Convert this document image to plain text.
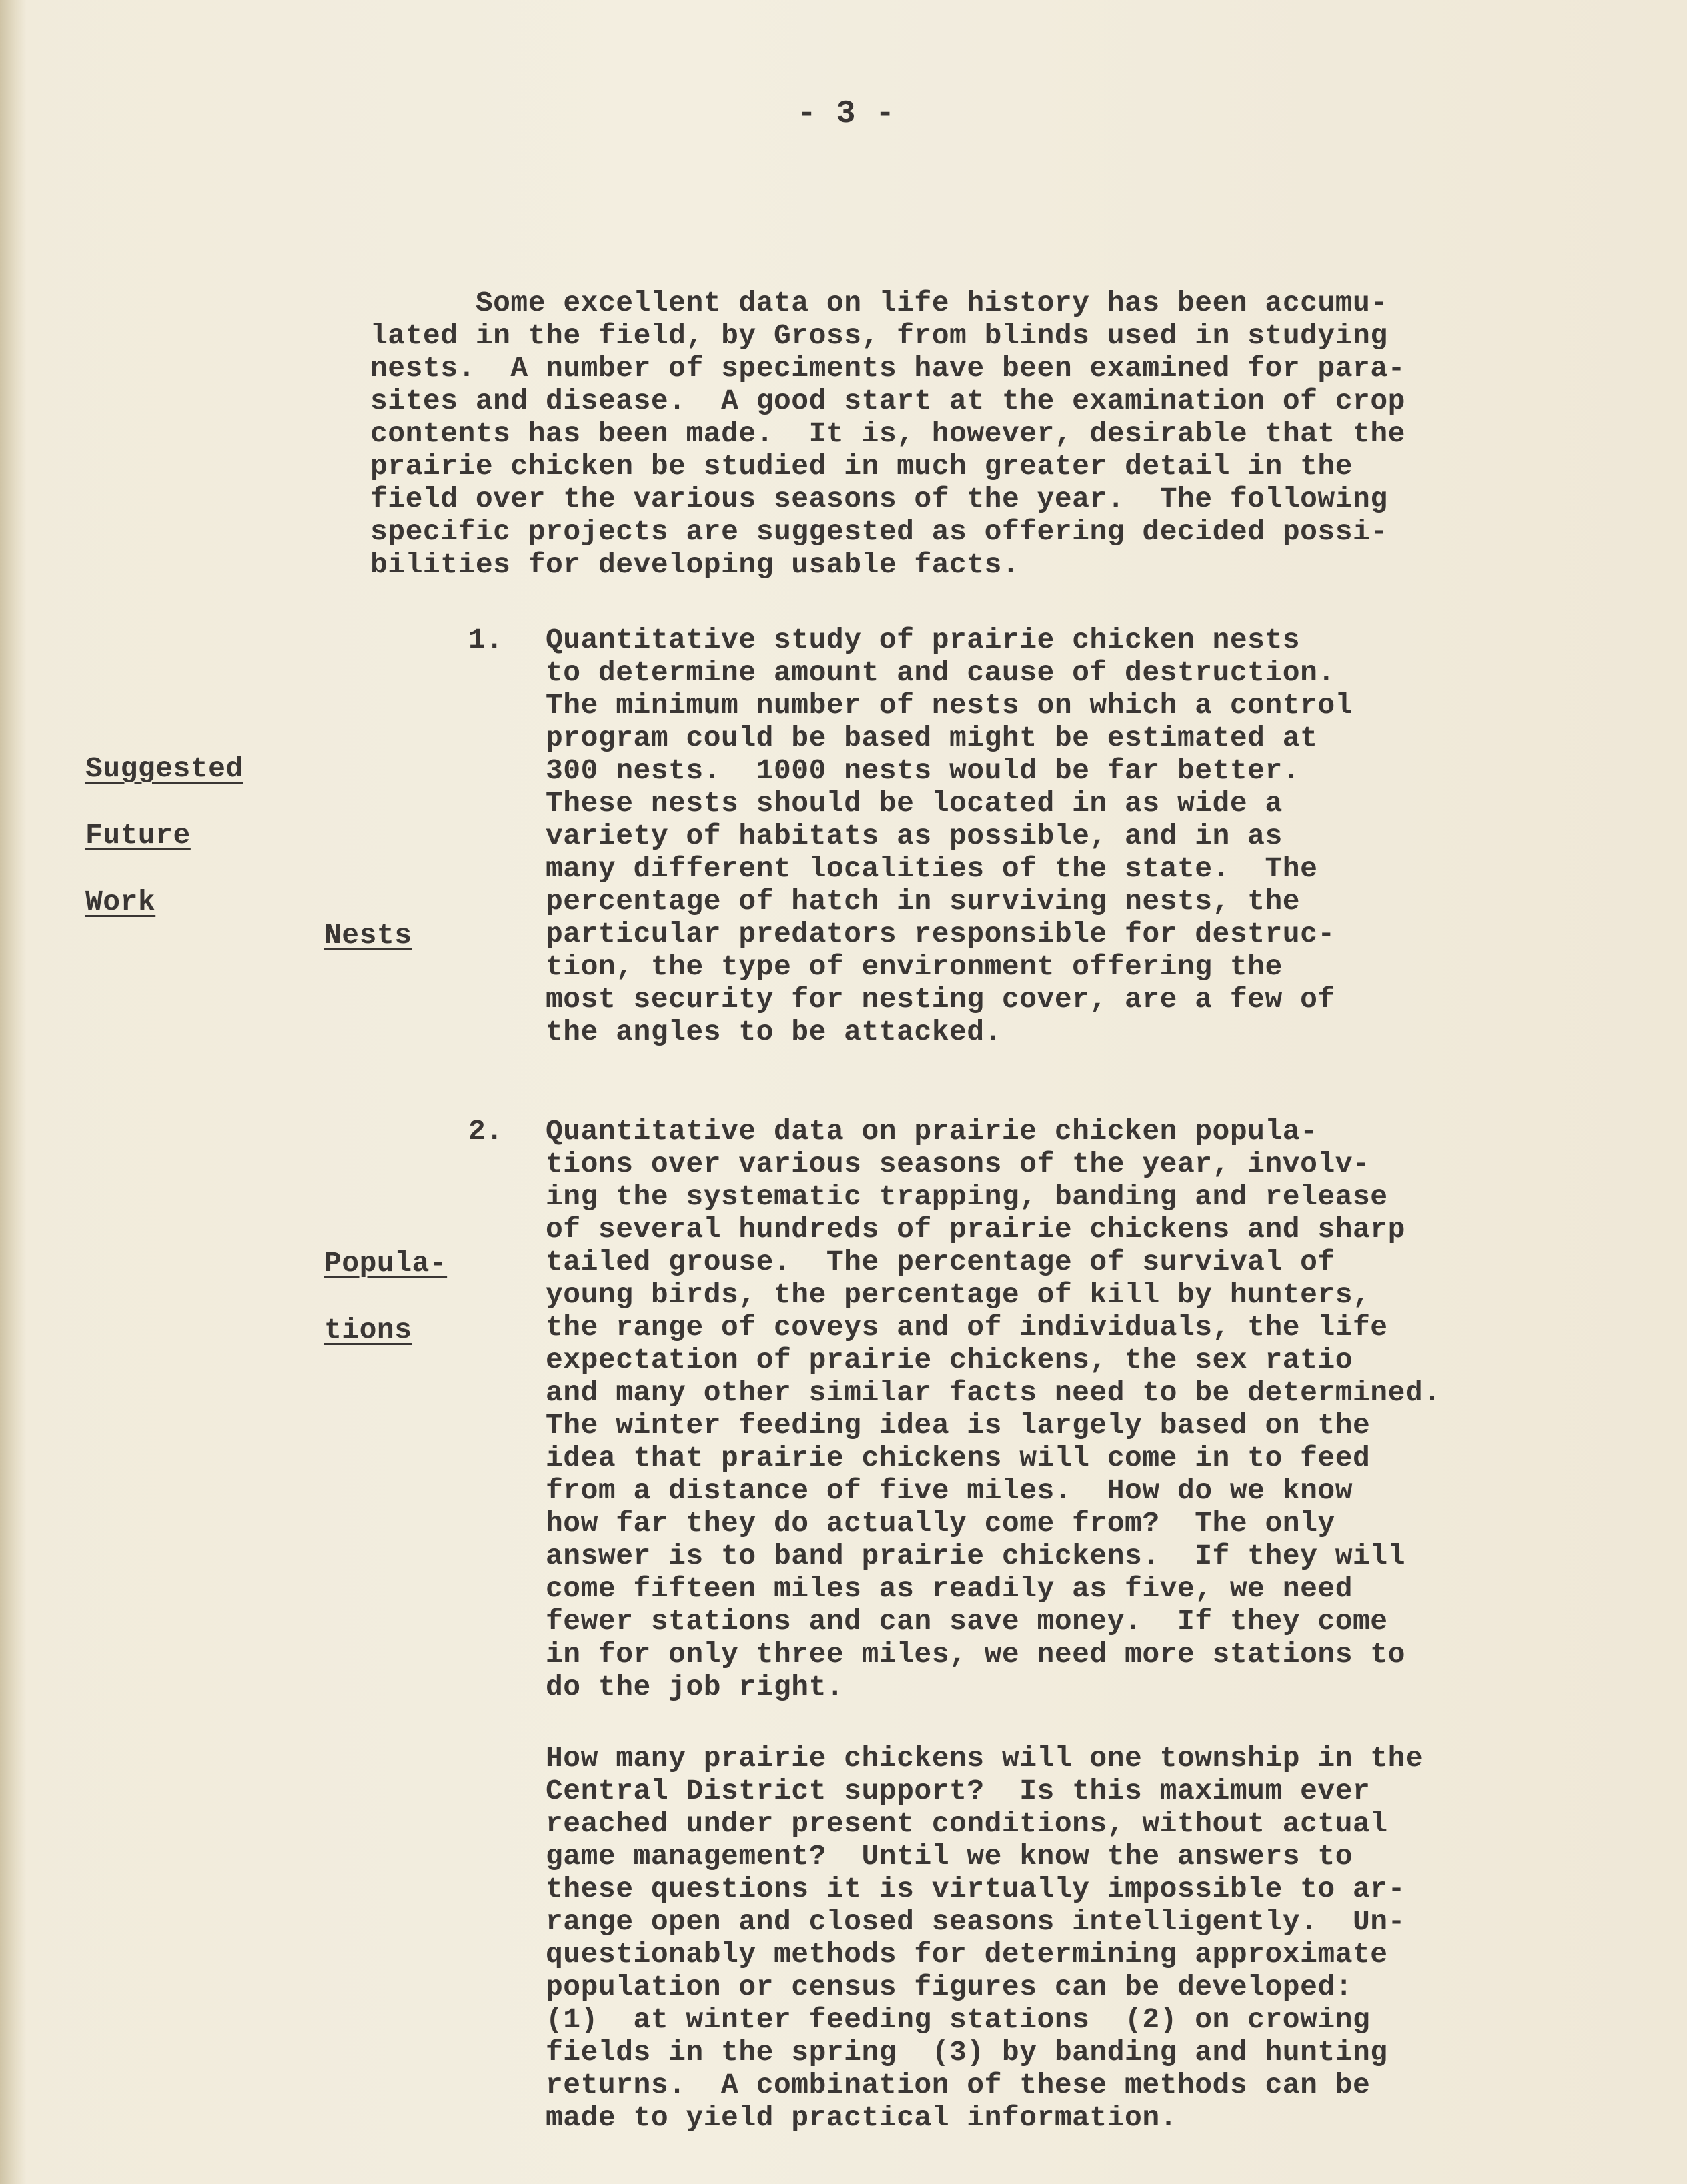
- 3 -
Some excellent data on life history has been accumu-
lated in the field, by Gross, from blinds used in studying
nests.  A number of speciments have been examined for para-
sites and disease.  A good start at the examination of crop
contents has been made.  It is, however, desirable that the
prairie chicken be studied in much greater detail in the
field over the various seasons of the year.  The following
specific projects are suggested as offering decided possi-
bilities for developing usable facts.
Suggested
Future
Work
Nests
Popula-
tions
1. Quantitative study of prairie chicken nests
to determine amount and cause of destruction.
The minimum number of nests on which a control
program could be based might be estimated at
300 nests.  1000 nests would be far better.
These nests should be located in as wide a
variety of habitats as possible, and in as
many different localities of the state.  The
percentage of hatch in surviving nests, the
particular predators responsible for destruc-
tion, the type of environment offering the
most security for nesting cover, are a few of
the angles to be attacked.
2. Quantitative data on prairie chicken popula-
tions over various seasons of the year, involv-
ing the systematic trapping, banding and release
of several hundreds of prairie chickens and sharp
tailed grouse.  The percentage of survival of
young birds, the percentage of kill by hunters,
the range of coveys and of individuals, the life
expectation of prairie chickens, the sex ratio
and many other similar facts need to be determined.
The winter feeding idea is largely based on the
idea that prairie chickens will come in to feed
from a distance of five miles.  How do we know
how far they do actually come from?  The only
answer is to band prairie chickens.  If they will
come fifteen miles as readily as five, we need
fewer stations and can save money.  If they come
in for only three miles, we need more stations to
do the job right.
How many prairie chickens will one township in the
Central District support?  Is this maximum ever
reached under present conditions, without actual
game management?  Until we know the answers to
these questions it is virtually impossible to ar-
range open and closed seasons intelligently.  Un-
questionably methods for determining approximate
population or census figures can be developed:
(1)  at winter feeding stations  (2) on crowing
fields in the spring  (3) by banding and hunting
returns.  A combination of these methods can be
made to yield practical information.
